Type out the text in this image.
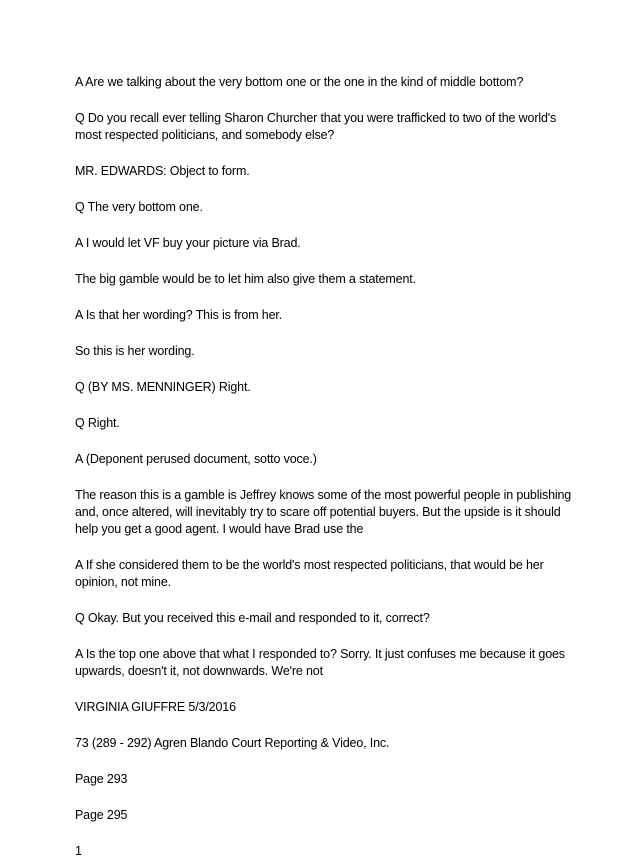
A Are we talking about the very bottom one or the one in the kind of middle bottom?

Q Do you recall ever telling Sharon Churcher that you were trafficked to two of the world's most respected politicians, and somebody else?

MR. EDWARDS: Object to form.

Q The very bottom one.

A I would let VF buy your picture via Brad.

The big gamble would be to let him also give them a statement.

A Is that her wording? This is from her.

So this is her wording.

Q (BY MS. MENNINGER) Right.

Q Right.

A (Deponent perused document, sotto voce.)

The reason this is a gamble is Jeffrey knows some of the most powerful people in publishing and, once altered, will inevitably try to scare off potential buyers. But the upside is it should help you get a good agent. I would have Brad use the

A If she considered them to be the world's most respected politicians, that would be her opinion, not mine.

Q Okay. But you received this e-mail and responded to it, correct?

A Is the top one above that what I responded to? Sorry. It just confuses me because it goes upwards, doesn't it, not downwards. We're not

VIRGINIA GIUFFRE 5/3/2016

73 (289 - 292) Agren Blando Court Reporting & Video, Inc.

Page 293

Page 295

1
